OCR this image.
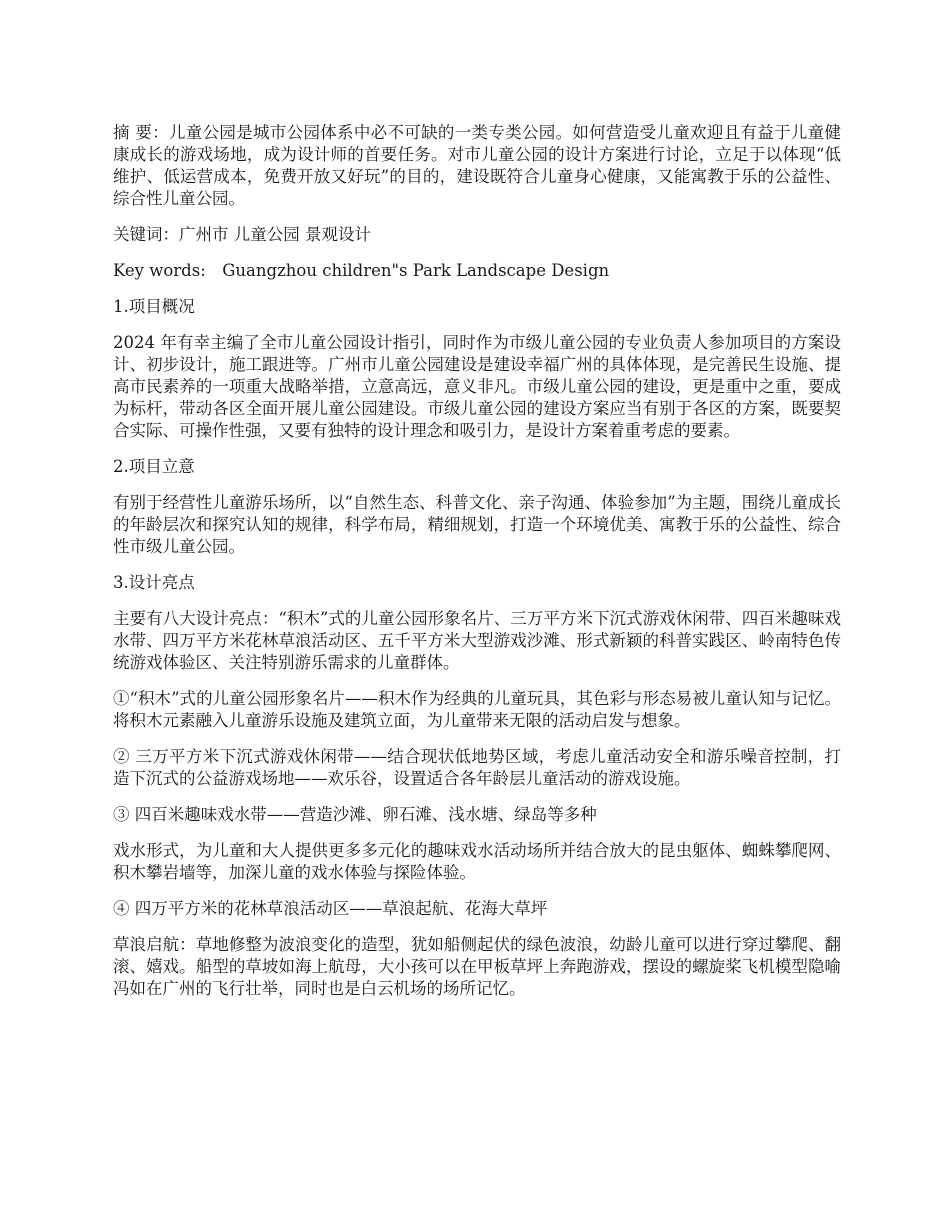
摘 要：儿童公园是城市公园体系中必不可缺的一类专类公园。如何营造受儿童欢迎且有益于儿童健康成长的游戏场地，成为设计师的首要任务。对市儿童公园的设计方案进行讨论，立足于以体现“低维护、低运营成本，免费开放又好玩”的目的，建设既符合儿童身心健康，又能寓教于乐的公益性、综合性儿童公园。

关键词：广州市 儿童公园 景观设计

Key words:　Guangzhou children"s Park Landscape Design

1.项目概况

2024 年有幸主编了全市儿童公园设计指引，同时作为市级儿童公园的专业负责人参加项目的方案设计、初步设计，施工跟进等。广州市儿童公园建设是建设幸福广州的具体体现，是完善民生设施、提高市民素养的一项重大战略举措，立意高远，意义非凡。市级儿童公园的建设，更是重中之重，要成为标杆，带动各区全面开展儿童公园建设。市级儿童公园的建设方案应当有别于各区的方案，既要契合实际、可操作性强，又要有独特的设计理念和吸引力，是设计方案着重考虑的要素。

2.项目立意

有别于经营性儿童游乐场所，以“自然生态、科普文化、亲子沟通、体验参加”为主题，围绕儿童成长的年龄层次和探究认知的规律，科学布局，精细规划，打造一个环境优美、寓教于乐的公益性、综合性市级儿童公园。

3.设计亮点

主要有八大设计亮点：“积木”式的儿童公园形象名片、三万平方米下沉式游戏休闲带、四百米趣味戏水带、四万平方米花林草浪活动区、五千平方米大型游戏沙滩、形式新颖的科普实践区、岭南特色传统游戏体验区、关注特别游乐需求的儿童群体。

①“积木”式的儿童公园形象名片——积木作为经典的儿童玩具，其色彩与形态易被儿童认知与记忆。将积木元素融入儿童游乐设施及建筑立面，为儿童带来无限的活动启发与想象。

② 三万平方米下沉式游戏休闲带——结合现状低地势区域，考虑儿童活动安全和游乐噪音控制，打造下沉式的公益游戏场地——欢乐谷，设置适合各年龄层儿童活动的游戏设施。

③ 四百米趣味戏水带——营造沙滩、卵石滩、浅水塘、绿岛等多种

戏水形式，为儿童和大人提供更多多元化的趣味戏水活动场所并结合放大的昆虫躯体、蜘蛛攀爬网、积木攀岩墙等，加深儿童的戏水体验与探险体验。

④ 四万平方米的花林草浪活动区——草浪起航、花海大草坪

草浪启航：草地修整为波浪变化的造型，犹如船侧起伏的绿色波浪，幼龄儿童可以进行穿过攀爬、翻滚、嬉戏。船型的草坡如海上航母，大小孩可以在甲板草坪上奔跑游戏，摆设的螺旋桨飞机模型隐喻冯如在广州的飞行壮举，同时也是白云机场的场所记忆。
